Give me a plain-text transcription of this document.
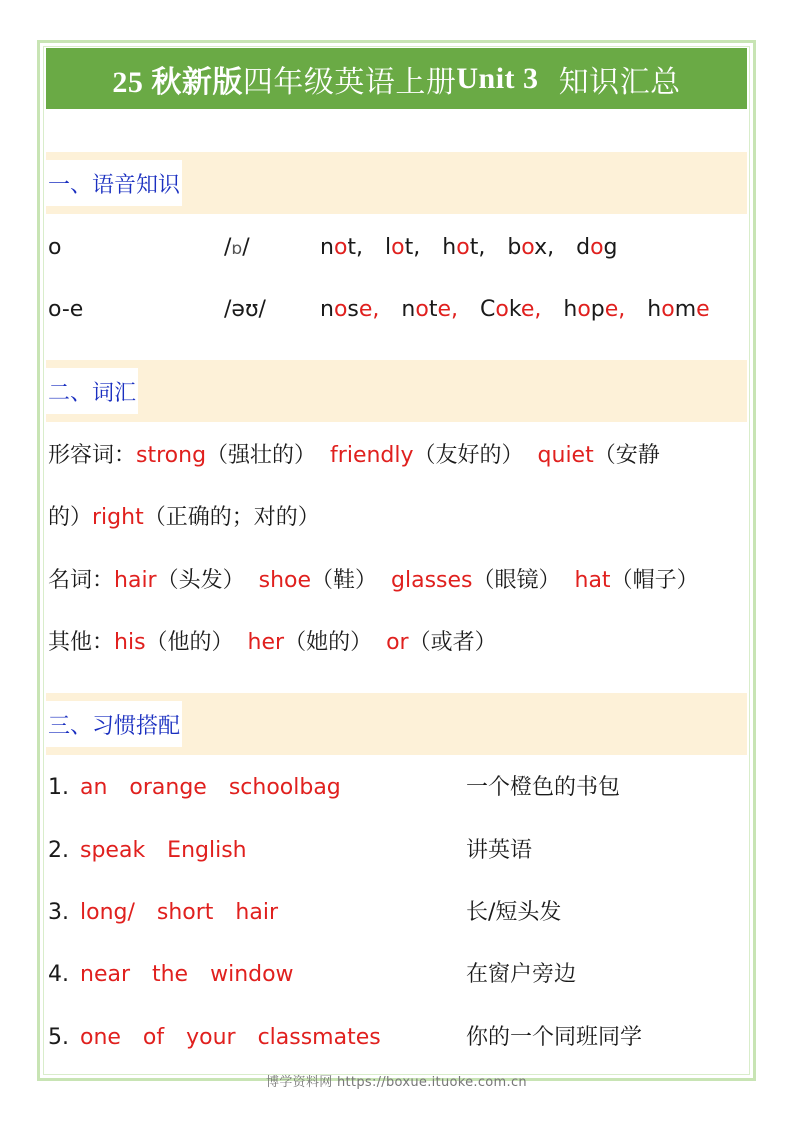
25 秋新版 四年级英语上册 Unit 3 知识汇总
一、语音知识
o	/ɒ/	not, lot, hot, box, dog
o-e	/əʊ/ nose, note, Coke, hope, home
二、词汇
形容词：strong（强壮的）  friendly（友好的）  quiet（安静
的）right（正确的；对的）
名词：hair（头发）  shoe（鞋）  glasses（眼镜）  hat（帽子）
其他：his（他的）  her（她的）  or（或者）
三、习惯搭配
1. an  orange  schoolbag	一个橙色的书包
2. speak  English	讲英语
3. long/  short  hair	长/短头发
4. near  the  window	在窗户旁边
5. one  of  your  classmates	你的一个同班同学
博学资料网 https://boxue.ituoke.com.cn
